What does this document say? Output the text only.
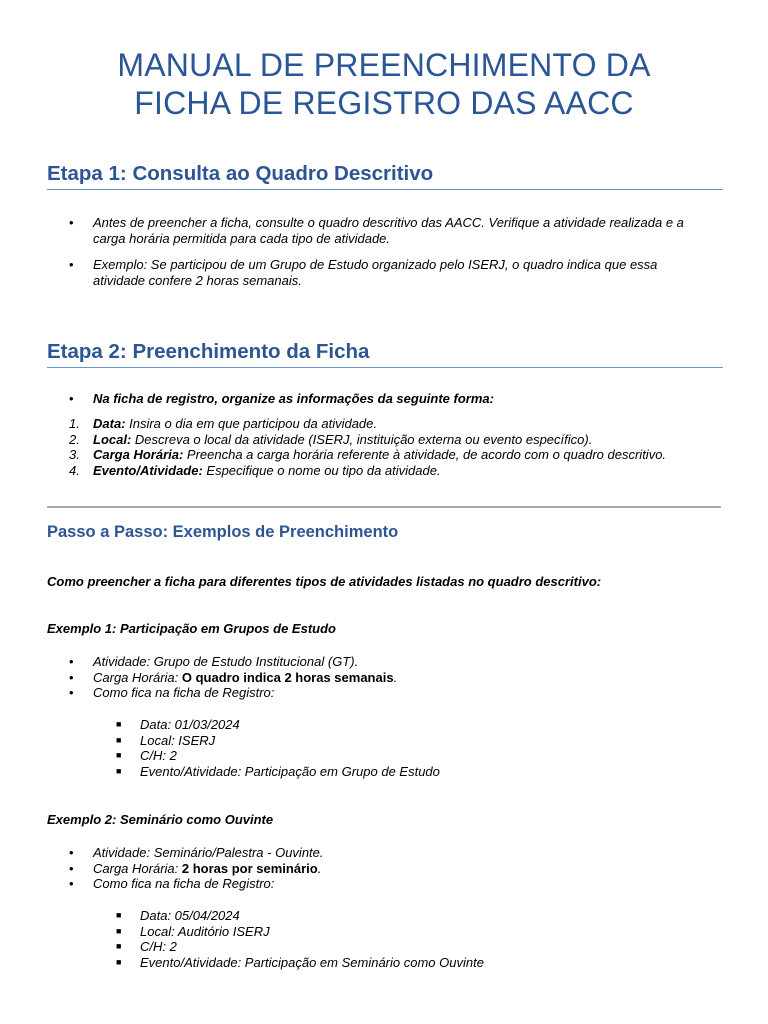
MANUAL DE PREENCHIMENTO DA
FICHA DE REGISTRO DAS AACC
Etapa 1: Consulta ao Quadro Descritivo
• Antes de preencher a ficha, consulte o quadro descritivo das AACC. Verifique a atividade realizada e a
carga horária permitida para cada tipo de atividade.
• Exemplo: Se participou de um Grupo de Estudo organizado pelo ISERJ, o quadro indica que essa
atividade confere 2 horas semanais.
Etapa 2: Preenchimento da Ficha
• Na ficha de registro, organize as informações da seguinte forma:
1. Data: Insira o dia em que participou da atividade.
2. Local: Descreva o local da atividade (ISERJ, instituição externa ou evento específico).
3. Carga Horária: Preencha a carga horária referente à atividade, de acordo com o quadro descritivo.
4. Evento/Atividade: Especifique o nome ou tipo da atividade.
Passo a Passo: Exemplos de Preenchimento
Como preencher a ficha para diferentes tipos de atividades listadas no quadro descritivo:
Exemplo 1: Participação em Grupos de Estudo
• Atividade: Grupo de Estudo Institucional (GT).
• Carga Horária: O quadro indica 2 horas semanais.
• Como fica na ficha de Registro:
■ Data: 01/03/2024
■ Local: ISERJ
■ C/H: 2
■ Evento/Atividade: Participação em Grupo de Estudo
Exemplo 2: Seminário como Ouvinte
• Atividade: Seminário/Palestra - Ouvinte.
• Carga Horária: 2 horas por seminário.
• Como fica na ficha de Registro:
■ Data: 05/04/2024
■ Local: Auditório ISERJ
■ C/H: 2
■ Evento/Atividade: Participação em Seminário como Ouvinte
